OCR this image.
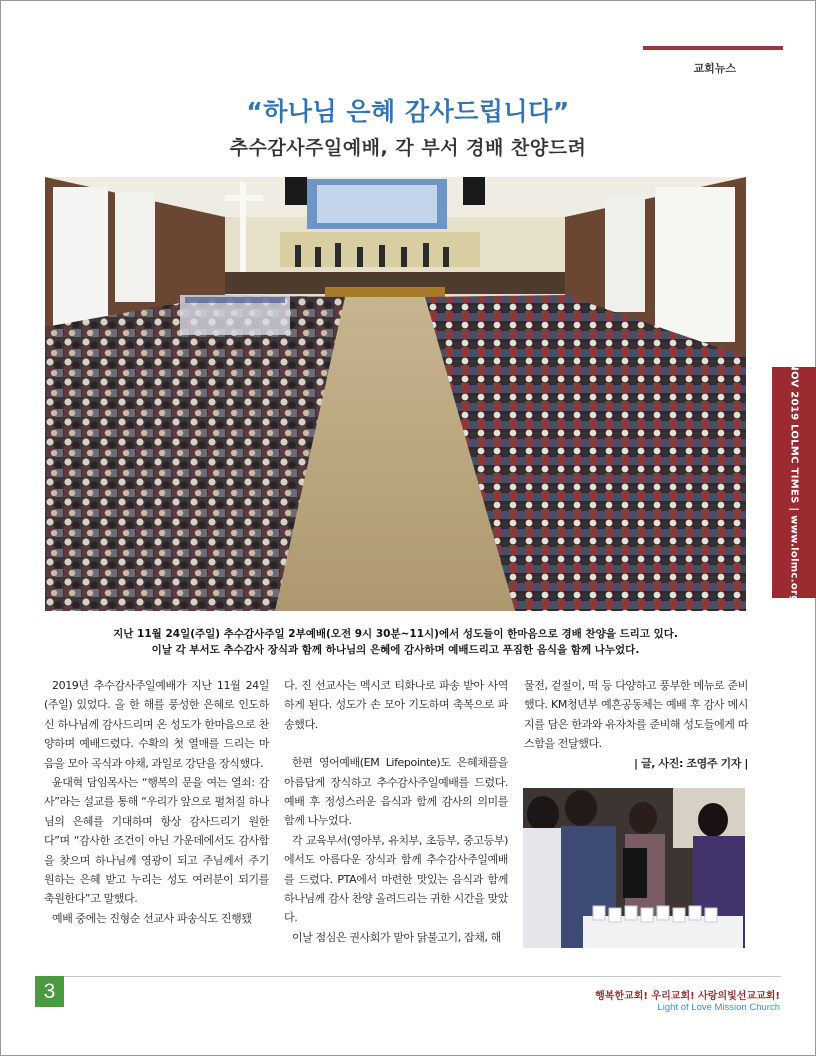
교회뉴스
“하나님 은혜 감사드립니다”
추수감사주일예배, 각 부서 경배 찬양드려
지난 11월 24일(주일) 추수감사주일 2부예배(오전 9시 30분~11시)에서 성도들이 한마음으로 경배 찬양을 드리고 있다.
이날 각 부서도 추수감사 장식과 함께 하나님의 은혜에 감사하며 예배드리고 푸짐한 음식을 함께 나누었다.
NOV 2019 LOLMC TIMES | www.lolmc.org

2019년 추수감사주일예배가 지난 11월 24일(주일) 있었다. 올 한 해를 풍성한 은혜로 인도하신 하나님께 감사드리며 온 성도가 한마음으로 찬양하며 예배드렸다. 수확의 첫 열매를 드리는 마음을 모아 곡식과 야채, 과일로 강단을 장식했다.

윤대혁 담임목사는 “행복의 문을 여는 열쇠: 감사”라는 설교를 통해 “우리가 앞으로 펼쳐질 하나님의 은혜를 기대하며 항상 감사드리기 원한다”며 “감사한 조건이 아닌 가운데에서도 감사함을 찾으며 하나님께 영광이 되고 주님께서 주기 원하는 은혜 받고 누리는 성도 여러분이 되기를 축원한다”고 말했다.

예배 중에는 진형순 선교사 파송식도 진행됐

다. 진 선교사는 멕시코 티화나로 파송 받아 사역하게 된다. 성도가 손 모아 기도하며 축복으로 파송했다.

한편 영어예배(EM Lifepointe)도 은혜채플을 아름답게 장식하고 추수감사주일예배를 드렸다. 예배 후 정성스러운 음식과 함께 감사의 의미를 함께 나누었다.

각 교육부서(영아부, 유치부, 초등부, 중고등부)에서도 아름다운 장식과 함께 추수감사주일예배를 드렸다. PTA에서 마련한 맛있는 음식과 함께 하나님께 감사 찬양 올려드리는 귀한 시간을 맞았다.

이날 점심은 권사회가 맡아 닭불고기, 잡채, 해

물전, 겉절이, 떡 등 다양하고 풍부한 메뉴로 준비했다. KM청년부 예흔공동체는 예배 후 감사 메시지를 담은 한과와 유자차를 준비해 성도들에게 따스함을 전달했다.

| 글, 사진: 조영주 기자 |

3	행복한교회! 우리교회! 사랑의빛선교교회!
Light of Love Mission Church
